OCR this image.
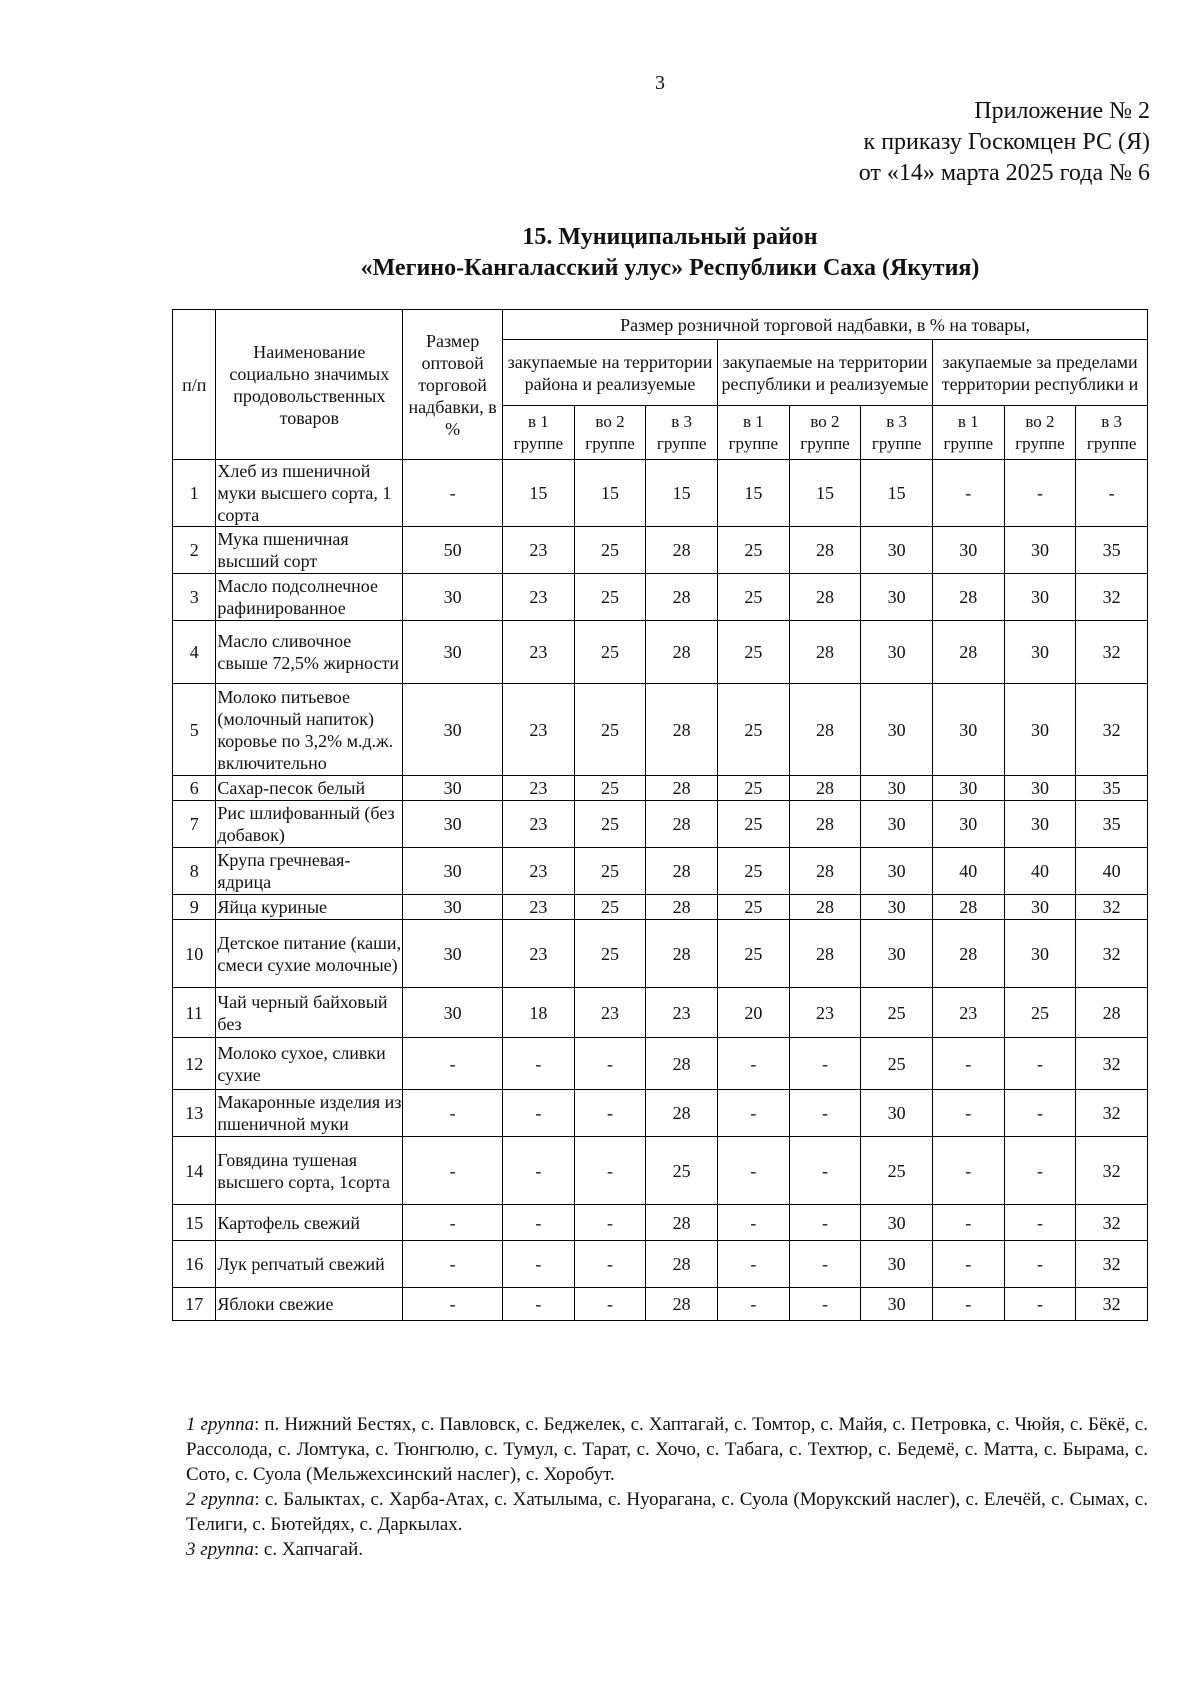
3
Приложение № 2
к приказу Госкомцен РС (Я)
от «14» марта 2025 года № 6
15. Муниципальный район
«Мегино-Кангаласский улус» Республики Саха (Якутия)
п/п	Наименование социально значимых продовольственных товаров	Размер оптовой торговой надбавки, в %	Размер розничной торговой надбавки, в % на товары,								
			закупаемые на территории района и реализуемые			закупаемые на территории республики и реализуемые			закупаемые за пределами территории республики и		
			в 1 группе	во 2 группе	в 3 группе	в 1 группе	во 2 группе	в 3 группе	в 1 группе	во 2 группе	в 3 группе
1	Хлеб из пшеничной муки высшего сорта, 1 сорта	-	15	15	15	15	15	15	-	-	-
2	Мука пшеничная высший сорт	50	23	25	28	25	28	30	30	30	35
3	Масло подсолнечное рафинированное	30	23	25	28	25	28	30	28	30	32
4	Масло сливочное свыше 72,5% жирности	30	23	25	28	25	28	30	28	30	32
5	Молоко питьевое (молочный напиток) коровье по 3,2% м.д.ж. включительно	30	23	25	28	25	28	30	30	30	32
6	Сахар-песок белый	30	23	25	28	25	28	30	30	30	35
7	Рис шлифованный (без добавок)	30	23	25	28	25	28	30	30	30	35
8	Крупа гречневая-ядрица	30	23	25	28	25	28	30	40	40	40
9	Яйца куриные	30	23	25	28	25	28	30	28	30	32
10	Детское питание (каши, смеси сухие молочные)	30	23	25	28	25	28	30	28	30	32
11	Чай черный байховый без	30	18	23	23	20	23	25	23	25	28
12	Молоко сухое, сливки сухие	-	-	-	28	-	-	25	-	-	32
13	Макаронные изделия из пшеничной муки	-	-	-	28	-	-	30	-	-	32
14	Говядина тушеная высшего сорта, 1сорта	-	-	-	25	-	-	25	-	-	32
15	Картофель свежий	-	-	-	28	-	-	30	-	-	32
16	Лук репчатый свежий	-	-	-	28	-	-	30	-	-	32
17	Яблоки свежие	-	-	-	28	-	-	30	-	-	32

1 группа: п. Нижний Бестях, с. Павловск, с. Беджелек, с. Хаптагай, с. Томтор, с. Майя, с. Петровка, с. Чюйя, с. Бёкё, с. Рассолода, с. Ломтука, с. Тюнгюлю, с. Тумул, с. Тарат, с. Хочо, с. Табага, с. Техтюр, с. Бедемё, с. Матта, с. Бырама, с. Сото, с. Суола (Мельжехсинский наслег), с. Хоробут.

2 группа: с. Балыктах, с. Харба-Атах, с. Хатылыма, с. Нуорагана, с. Суола (Морукский наслег), с. Елечёй, с. Сымах, с. Телиги, с. Бютейдях, с. Даркылах.

3 группа: с. Хапчагай.
